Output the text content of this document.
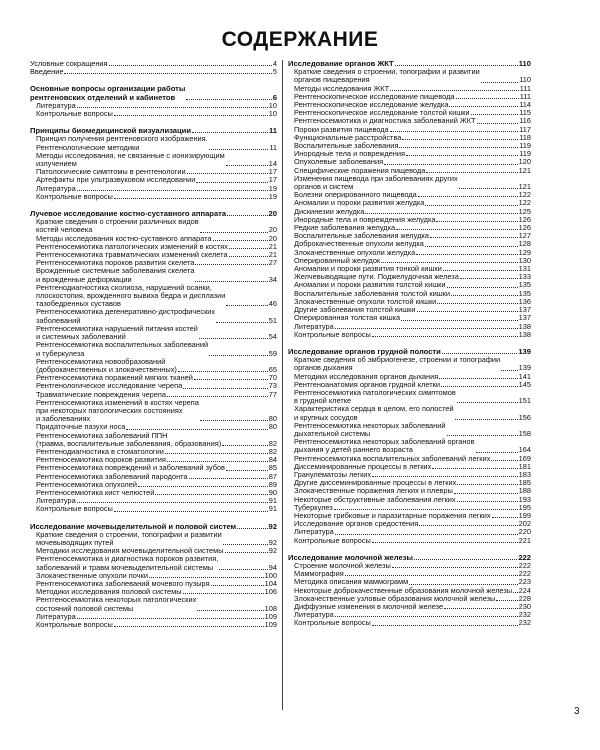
СОДЕРЖАНИЕ
Условные сокращения	4
Введение	5
Основные вопросы организации работы
рентгеновских отделений и кабинетов	6
Литература	10
Контрольные вопросы	10
Принципы биомедицинской визуализации	11
Принцип получения рентгеновского изображения.
Рентгенологические методики	11
Методы исследования, не связанные с ионизирующим
излучением	14
Патологические симптомы в рентгенологии	17
Артефакты при ультразвуковом исследовании	17
Литература	19
Контрольные вопросы	19
Лучевое исследование костно-суставного аппарата	20
Краткие сведения о строении различных видов
костей человека	20
Методы исследования костно-суставного аппарата	20
Рентгеносемиотика патологических изменений в костях	21
Рентгеносемиотика травматических изменений скелета	21
Рентгеносемиотика пороков развития скелета	27
Врожденные системные заболевания скелета
и врожденные деформации	34
Рентгенодиагностика сколиоза, нарушений осанки,
плоскостопия, врожденного вывиха бедра и дисплазии
тазобедренных суставов	46
Рентгеносемиотика дегенеративно-дистрофических
заболеваний	51
Рентгеносемиотика нарушений питания костей
и системных заболеваний	54
Рентгеносемиотика воспалительных заболеваний
и туберкулеза	59
Рентгеносемиотика новообразований
(доброкачественных и злокачественных)	65
Рентгеносемиотика поражений мягких тканей	70
Рентгенологическое исследование черепа	73
Травматические повреждения черепа	77
Рентгеносемиотика изменений в костях черепа
при некоторых патологических состояниях
и заболеваниях	80
Придаточные пазухи носа	80
Рентгеносемиотика заболеваний ППН
(травма, воспалительные заболевания, образования)	82
Рентгенодиагностика в стоматологии	82
Рентгеносемиотика пороков развития	84
Рентгеносемиотика повреждений и заболеваний зубов	85
Рентгеносемиотика заболеваний пародонта	87
Рентгеносемиотика опухолей	89
Рентгеносемиотика кист челюстей	90
Литература	91
Контрольные вопросы	91
Исследование мочевыделительной и половой систем	92
Краткие сведения о строении, топографии и развитии
мочевыводящих путей	92
Методики исследования мочевыделительной системы	92
Рентгеносемиотика и диагностика пороков развития,
заболеваний и травм мочевыделительной системы	94
Злокачественные опухоли почки	100
Рентгеносемиотика заболеваний мочевого пузыря	104
Методики исследования половой системы	106
Рентгеносемиотика некоторых патологических
состояний половой системы	108
Литература	109
Контрольные вопросы	109
Исследование органов ЖКТ	110
Краткие сведения о строении, топографии и развитии
органов пищеварения	110
Методы исследования ЖКТ	111
Рентгеноскопическое исследование пищевода	111
Рентгеноскопическое исследование желудка	114
Рентгеноскопическое исследование толстой кишки	115
Рентгеносемиотика и диагностика заболеваний ЖКТ	116
Пороки развития пищевода	117
Функциональные расстройства	118
Воспалительные заболевания	119
Инородные тела и повреждения	119
Опухолевые заболевания	120
Специфические поражения пищевода	121
Изменения пищевода при заболеваниях других
органов и систем	121
Болезни оперированного пищевода	122
Аномалии и пороки развития желудка	122
Дискинезии желудка	125
Инородные тела и повреждения желудка	126
Редкие заболевания желудка	126
Воспалительные заболевания желудка	127
Доброкачественные опухоли желудка	128
Злокачественные опухоли желудка	129
Оперированный желудок	130
Аномалии и пороки развития тонкой кишки	131
Желчевыводящие пути. Поджелудочная железа	133
Аномалии и пороки развития толстой кишки	135
Воспалительные заболевания толстой кишки	135
Злокачественные опухоли толстой кишки	136
Другие заболевания толстой кишки	137
Оперированная толстая кишка	137
Литература	138
Контрольные вопросы	138
Исследование органов грудной полости	139
Краткие сведения об эмбриогенезе, строении и топографии
органов дыхания	139
Методики исследования органов дыхания	141
Рентгеноанатомия органов грудной клетки	145
Рентгеносемиотика патологических симптомов
в грудной клетке	151
Характеристика сердца в целом, его полостей
и крупных сосудов	156
Рентгеносемиотика некоторых заболеваний
дыхательной системы	158
Рентгеносемиотика некоторых заболеваний органов
дыхания у детей раннего возраста	164
Рентгеносемиотика воспалительных заболеваний легких	169
Диссеминированные процессы в легких	181
Гранулематозы легких	183
Другие диссеминированные процессы в легких	185
Злокачественные поражения легких и плевры	188
Некоторые обструктивные заболевания легких	193
Туберкулез	195
Некоторые грибковые и паразитарные поражения легких	199
Исследование органов средостения	202
Литература	220
Контрольные вопросы	221
Исследование молочной железы	222
Строение молочной железы	222
Маммография	222
Методика описания маммограмм	223
Некоторые доброкачественные образования молочной железы 224
Злокачественные узловые образования молочной железы	228
Диффузные изменения в молочной железе	230
Литература	232
Контрольные вопросы	232
3
